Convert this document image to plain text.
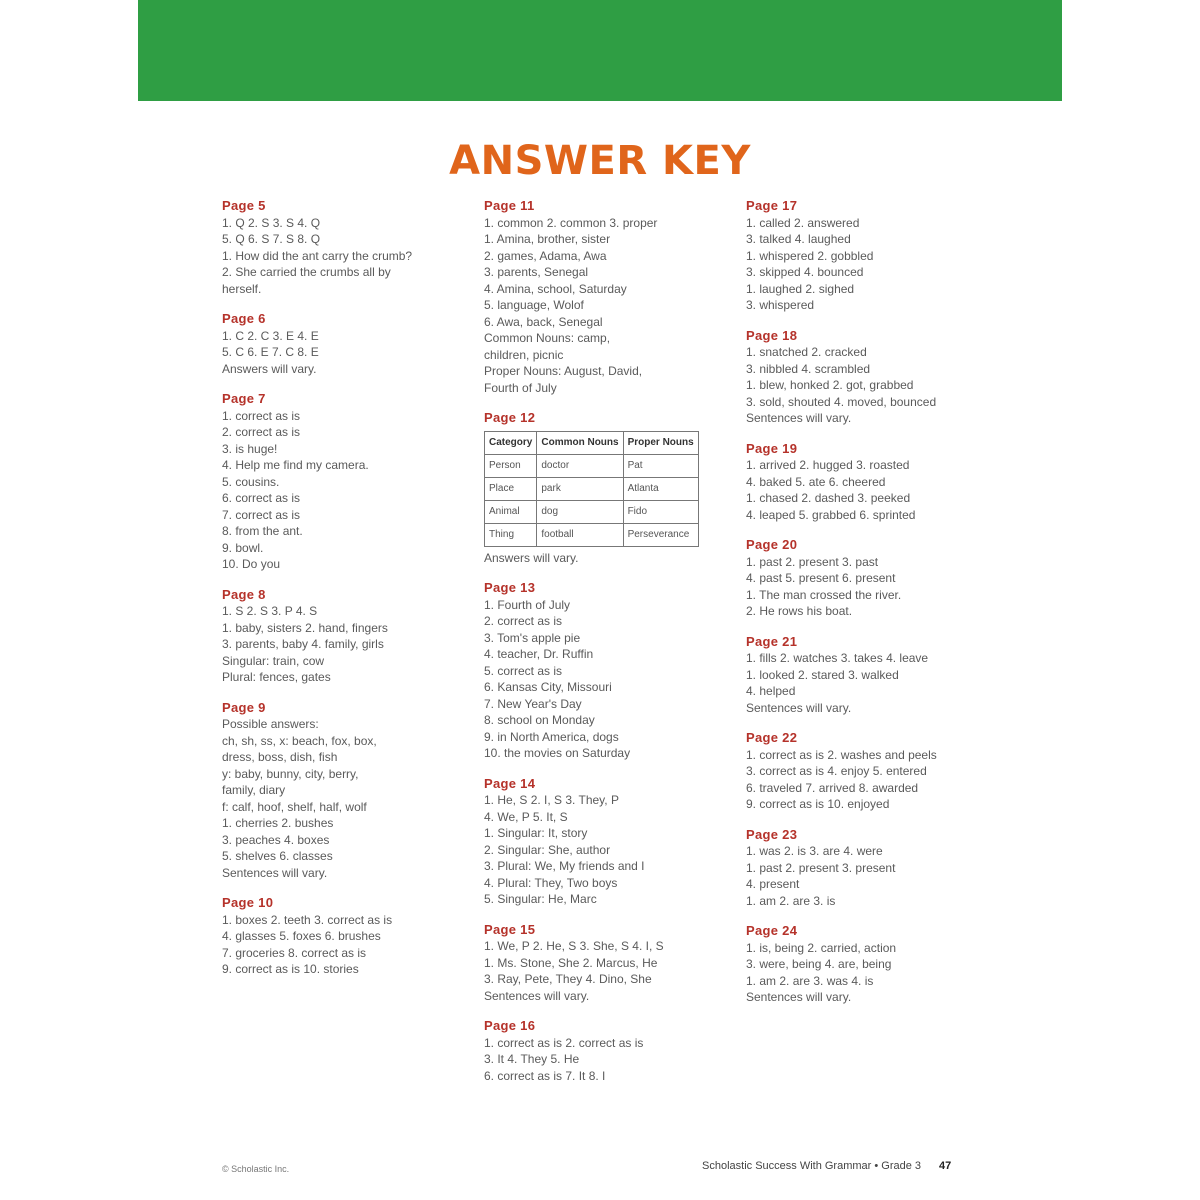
ANSWER KEY
Page 5
1. Q 2. S 3. S 4. Q
5. Q 6. S 7. S 8. Q
1. How did the ant carry the crumb?
2. She carried the crumbs all by
herself.
Page 6
1. C 2. C 3. E 4. E
5. C 6. E 7. C 8. E
Answers will vary.
Page 7
1. correct as is
2. correct as is
3. is huge!
4. Help me find my camera.
5. cousins.
6. correct as is
7. correct as is
8. from the ant.
9. bowl.
10. Do you
Page 8
1. S 2. S 3. P 4. S
1. baby, sisters 2. hand, fingers
3. parents, baby 4. family, girls
Singular: train, cow
Plural: fences, gates
Page 9
Possible answers:
ch, sh, ss, x: beach, fox, box,
dress, boss, dish, fish
y: baby, bunny, city, berry,
family, diary
f: calf, hoof, shelf, half, wolf
1. cherries 2. bushes
3. peaches 4. boxes
5. shelves 6. classes
Sentences will vary.
Page 10
1. boxes 2. teeth 3. correct as is
4. glasses 5. foxes 6. brushes
7. groceries 8. correct as is
9. correct as is 10. stories
Page 11
1. common 2. common 3. proper
1. Amina, brother, sister
2. games, Adama, Awa
3. parents, Senegal
4. Amina, school, Saturday
5. language, Wolof
6. Awa, back, Senegal
Common Nouns: camp,
children, picnic
Proper Nouns: August, David,
Fourth of July
Page 12
Category	Common Nouns	Proper Nouns
Person	doctor	Pat
Place	park	Atlanta
Animal	dog	Fido
Thing	football	Perseverance
Answers will vary.
Page 13
1. Fourth of July
2. correct as is
3. Tom's apple pie
4. teacher, Dr. Ruffin
5. correct as is
6. Kansas City, Missouri
7. New Year's Day
8. school on Monday
9. in North America, dogs
10. the movies on Saturday
Page 14
1. He, S 2. I, S 3. They, P
4. We, P 5. It, S
1. Singular: It, story
2. Singular: She, author
3. Plural: We, My friends and I
4. Plural: They, Two boys
5. Singular: He, Marc
Page 15
1. We, P 2. He, S 3. She, S 4. I, S
1. Ms. Stone, She 2. Marcus, He
3. Ray, Pete, They 4. Dino, She
Sentences will vary.
Page 16
1. correct as is 2. correct as is
3. It 4. They 5. He
6. correct as is 7. It 8. I
Page 17
1. called 2. answered
3. talked 4. laughed
1. whispered 2. gobbled
3. skipped 4. bounced
1. laughed 2. sighed
3. whispered
Page 18
1. snatched 2. cracked
3. nibbled 4. scrambled
1. blew, honked 2. got, grabbed
3. sold, shouted 4. moved, bounced
Sentences will vary.
Page 19
1. arrived 2. hugged 3. roasted
4. baked 5. ate 6. cheered
1. chased 2. dashed 3. peeked
4. leaped 5. grabbed 6. sprinted
Page 20
1. past 2. present 3. past
4. past 5. present 6. present
1. The man crossed the river.
2. He rows his boat.
Page 21
1. fills 2. watches 3. takes 4. leave
1. looked 2. stared 3. walked
4. helped
Sentences will vary.
Page 22
1. correct as is 2. washes and peels
3. correct as is 4. enjoy 5. entered
6. traveled 7. arrived 8. awarded
9. correct as is 10. enjoyed
Page 23
1. was 2. is 3. are 4. were
1. past 2. present 3. present
4. present
1. am 2. are 3. is
Page 24
1. is, being 2. carried, action
3. were, being 4. are, being
1. am 2. are 3. was 4. is
Sentences will vary.
© Scholastic Inc.	Scholastic Success With Grammar • Grade 3 47
